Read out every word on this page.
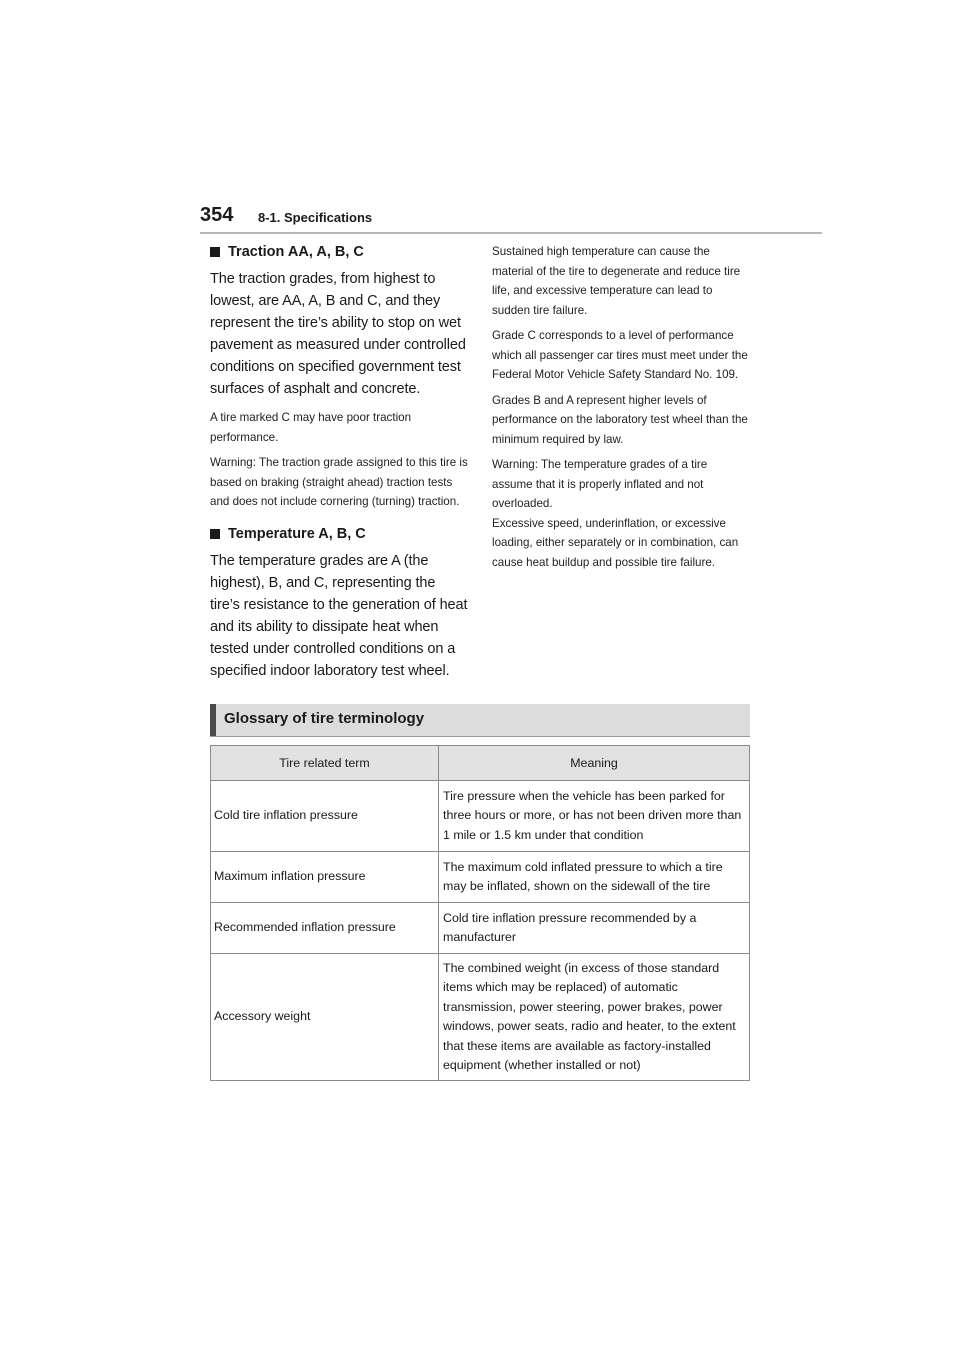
354 8-1. Specifications
Traction AA, A, B, C

The traction grades, from highest to lowest, are AA, A, B and C, and they represent the tire’s ability to stop on wet pavement as measured under controlled conditions on specified government test surfaces of asphalt and concrete.

A tire marked C may have poor traction performance.

Warning: The traction grade assigned to this tire is based on braking (straight ahead) traction tests and does not include cornering (turning) traction.

Temperature A, B, C

The temperature grades are A (the highest), B, and C, representing the tire’s resistance to the generation of heat and its ability to dissipate heat when tested under controlled conditions on a specified indoor laboratory test wheel.

Sustained high temperature can cause the material of the tire to degenerate and reduce tire life, and excessive temperature can lead to sudden tire failure.

Grade C corresponds to a level of performance which all passenger car tires must meet under the Federal Motor Vehicle Safety Standard No. 109.

Grades B and A represent higher levels of performance on the laboratory test wheel than the minimum required by law.

Warning: The temperature grades of a tire assume that it is properly inflated and not overloaded.

Excessive speed, underinflation, or excessive loading, either separately or in combination, can cause heat buildup and possible tire failure.

Glossary of tire terminology
Tire related term	Meaning
Cold tire inflation pressure	Tire pressure when the vehicle has been parked for three hours or more, or has not been driven more than 1 mile or 1.5 km under that condition
Maximum inflation pressure	The maximum cold inflated pressure to which a tire may be inflated, shown on the sidewall of the tire
Recommended inflation pressure	Cold tire inflation pressure recommended by a manufacturer
Accessory weight	The combined weight (in excess of those standard items which may be replaced) of automatic transmission, power steering, power brakes, power windows, power seats, radio and heater, to the extent that these items are available as factory-installed equipment (whether installed or not)
